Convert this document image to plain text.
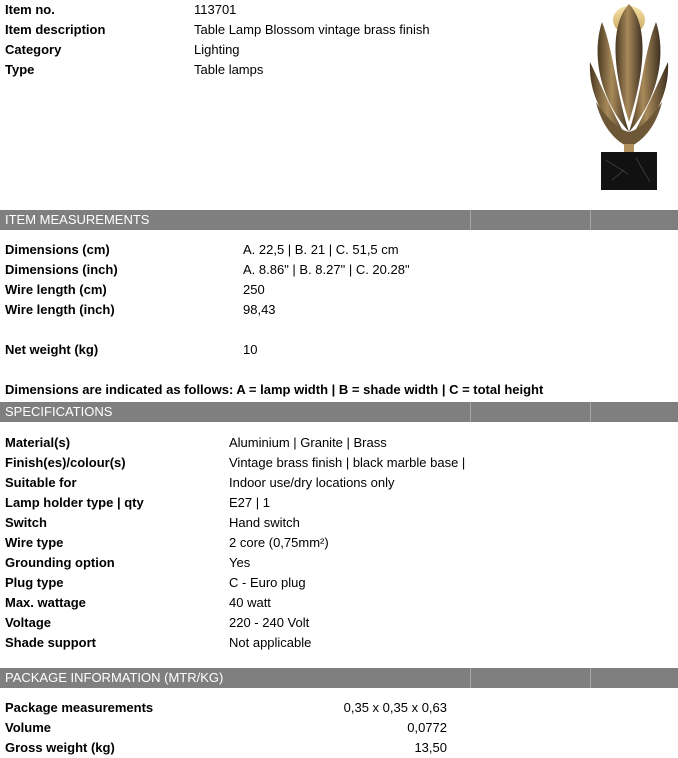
Item no.	113701
Item description	Table Lamp Blossom vintage brass finish
Category	Lighting
Type	Table lamps
ITEM MEASUREMENTS
Dimensions (cm)	A. 22,5 | B. 21 | C. 51,5 cm
Dimensions (inch)	A. 8.86" | B. 8.27" | C. 20.28"
Wire length (cm)	250
Wire length (inch)	98,43
Net weight (kg)	10
Dimensions are indicated as follows: A = lamp width | B = shade width | C = total height
SPECIFICATIONS
Material(s)	Aluminium | Granite | Brass
Finish(es)/colour(s)	Vintage brass finish | black marble base |
Suitable for	Indoor use/dry locations only
Lamp holder type | qty	E27 | 1
Switch	Hand switch
Wire type	2 core (0,75mm²)
Grounding option	Yes
Plug type	C - Euro plug
Max. wattage	40 watt
Voltage	220 - 240 Volt
Shade support	Not applicable
PACKAGE INFORMATION (MTR/KG)
Package measurements	0,35 x 0,35 x 0,63
Volume	0,0772
Gross weight (kg)	13,50
